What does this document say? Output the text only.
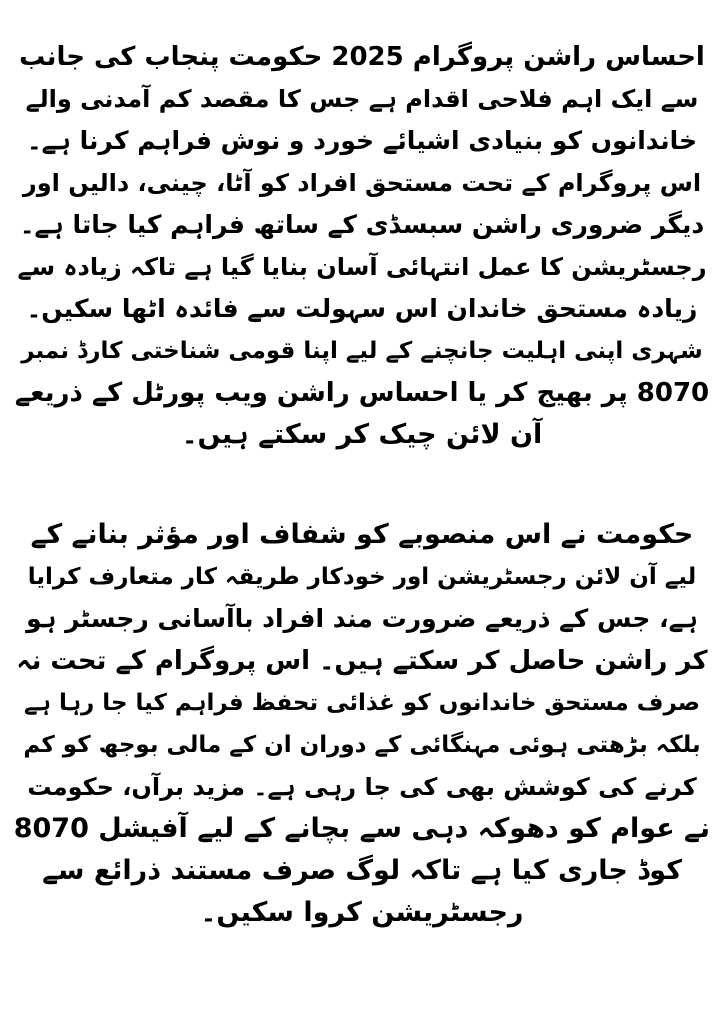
احساس راشن پروگرام 2025 حکومت پنجاب کی جانب
سے ایک اہم فلاحی اقدام ہے جس کا مقصد کم آمدنی والے
خاندانوں کو بنیادی اشیائے خورد و نوش فراہم کرنا ہے۔
اس پروگرام کے تحت مستحق افراد کو آٹا، چینی، دالیں اور
دیگر ضروری راشن سبسڈی کے ساتھ فراہم کیا جاتا ہے۔
رجسٹریشن کا عمل انتہائی آسان بنایا گیا ہے تاکہ زیادہ سے
زیادہ مستحق خاندان اس سہولت سے فائدہ اٹھا سکیں۔
شہری اپنی اہلیت جانچنے کے لیے اپنا قومی شناختی کارڈ نمبر
8070 پر بھیج کر یا احساس راشن ویب پورٹل کے ذریعے
آن لائن چیک کر سکتے ہیں۔
حکومت نے اس منصوبے کو شفاف اور مؤثر بنانے کے
لیے آن لائن رجسٹریشن اور خودکار طریقہ کار متعارف کرایا
ہے، جس کے ذریعے ضرورت مند افراد باآسانی رجسٹر ہو
کر راشن حاصل کر سکتے ہیں۔ اس پروگرام کے تحت نہ
صرف مستحق خاندانوں کو غذائی تحفظ فراہم کیا جا رہا ہے
بلکہ بڑھتی ہوئی مہنگائی کے دوران ان کے مالی بوجھ کو کم
کرنے کی کوشش بھی کی جا رہی ہے۔ مزید برآں، حکومت
نے عوام کو دھوکہ دہی سے بچانے کے لیے آفیشل 8070
کوڈ جاری کیا ہے تاکہ لوگ صرف مستند ذرائع سے
رجسٹریشن کروا سکیں۔
